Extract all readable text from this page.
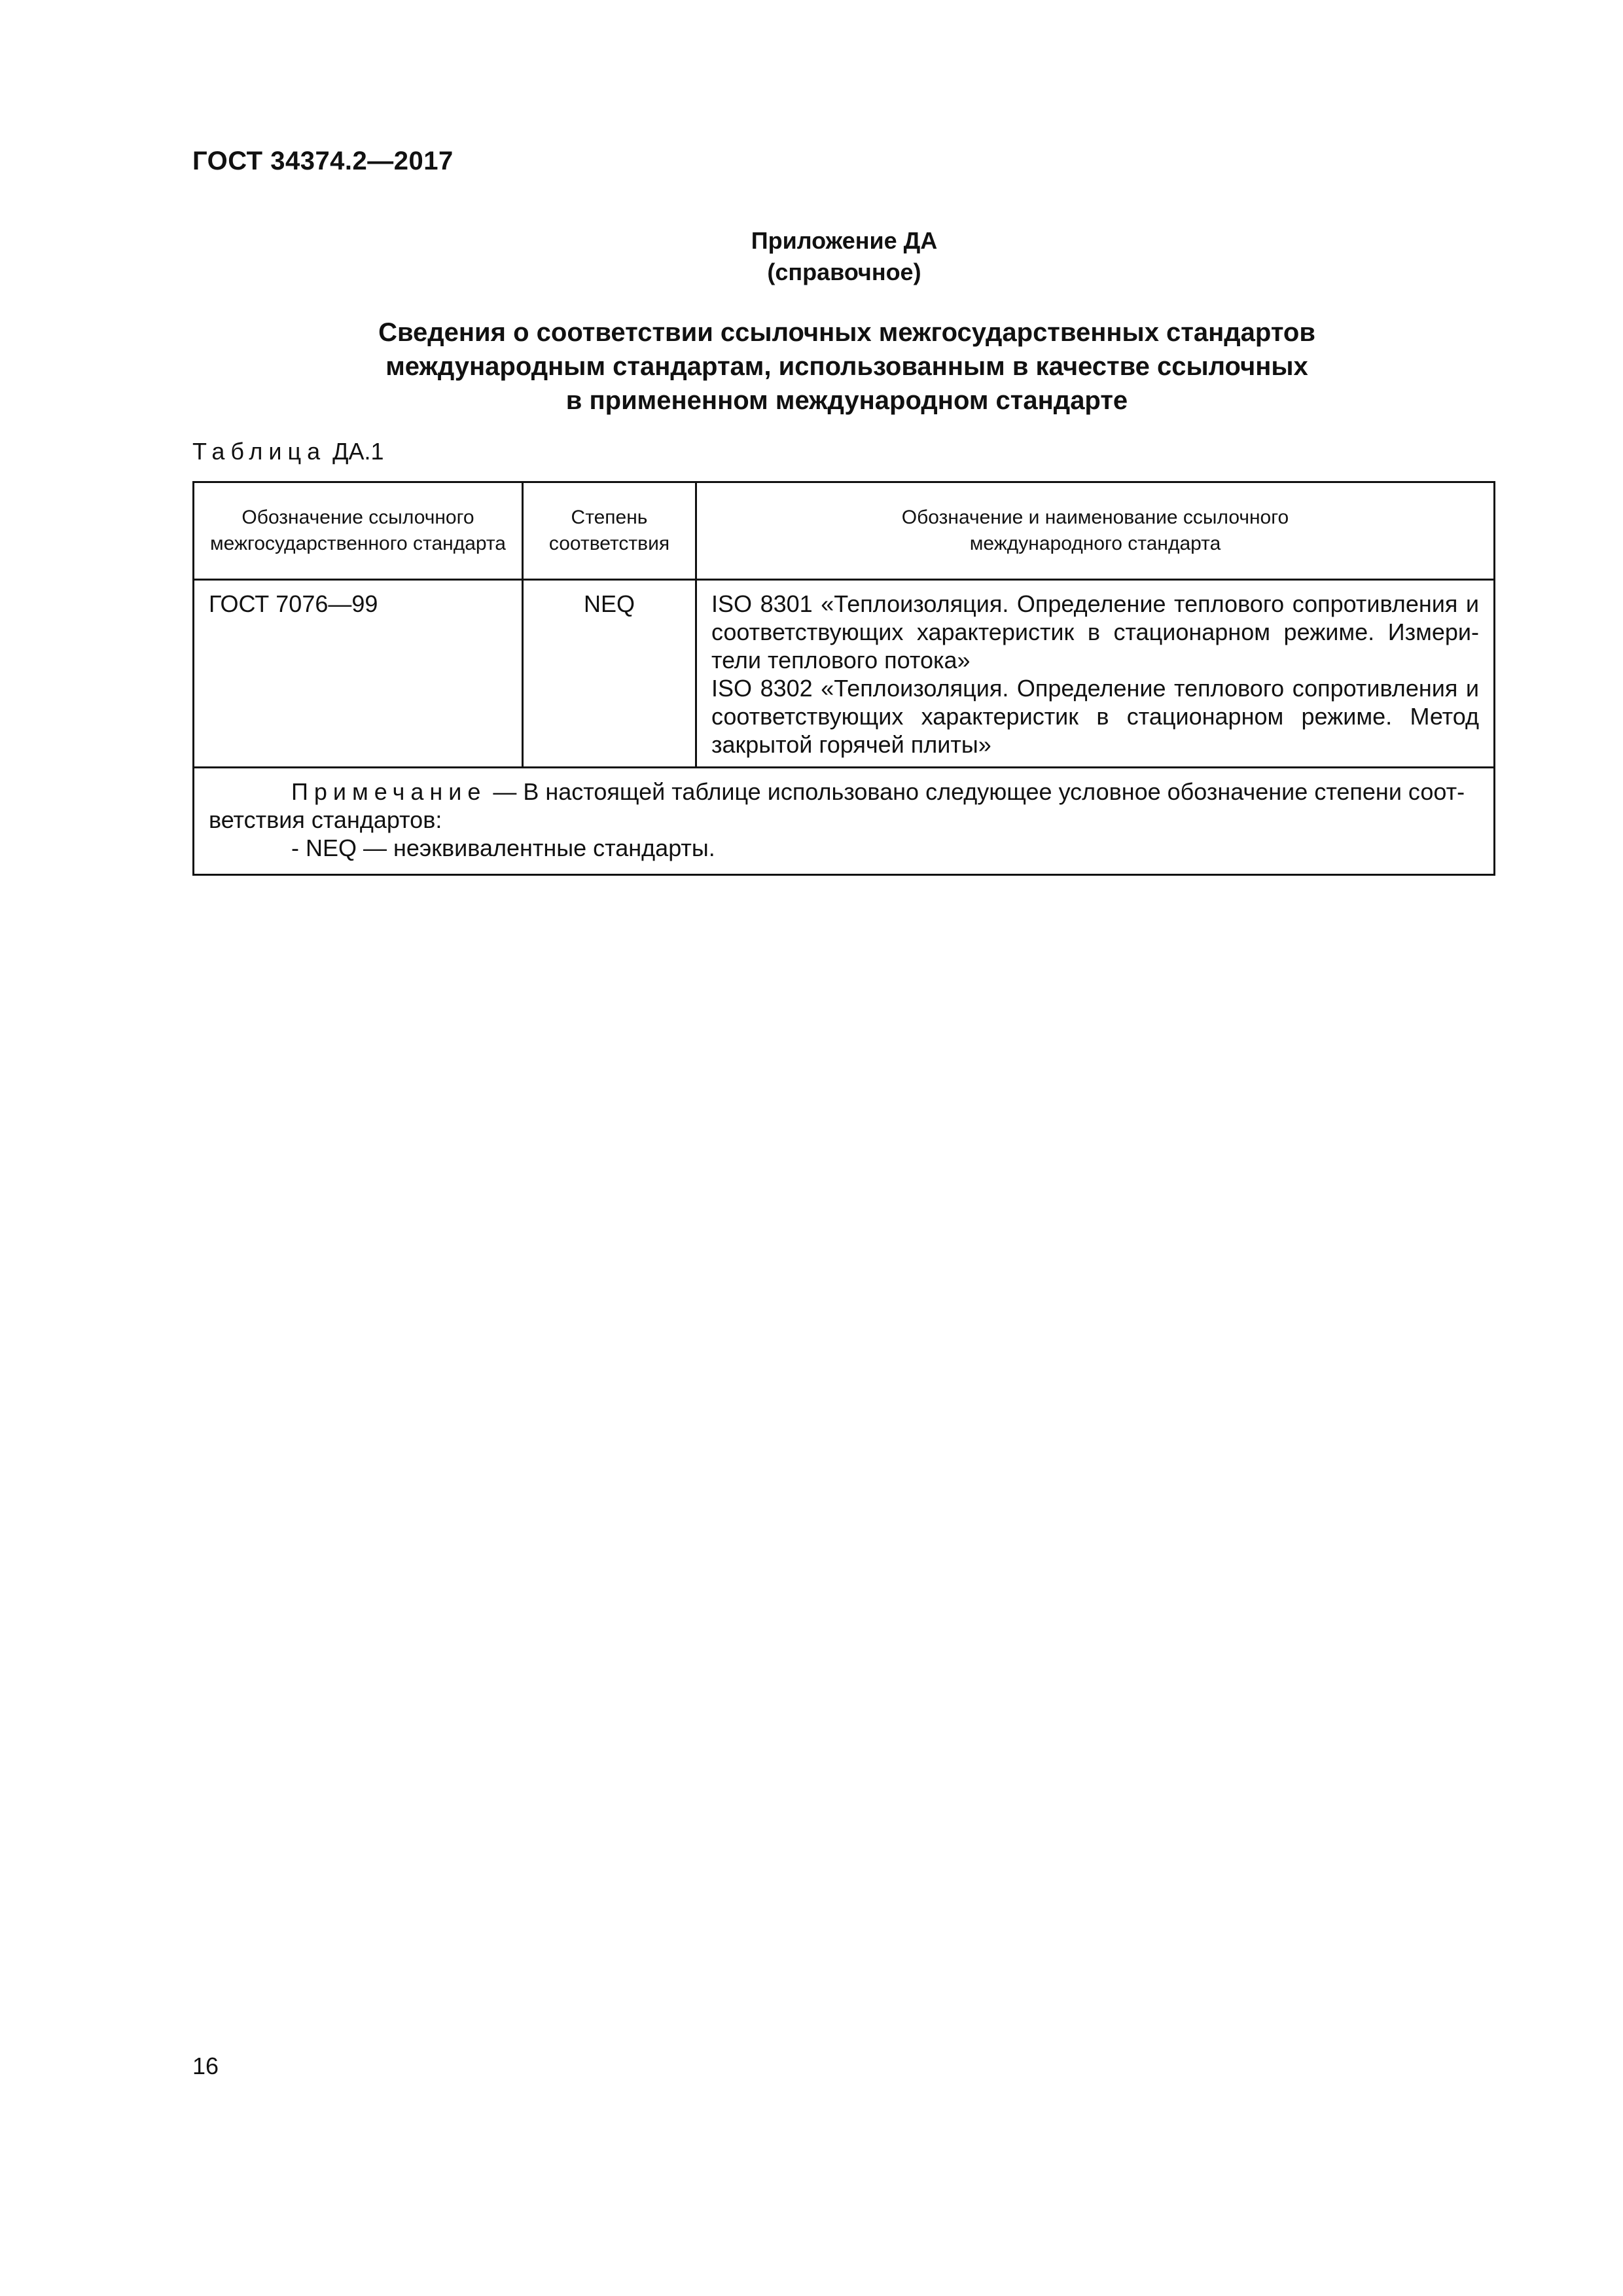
ГОСТ 34374.2—2017
Приложение ДА
(справочное)
Сведения о соответствии ссылочных межгосударственных стандартов
международным стандартам, использованным в качестве ссылочных
в примененном международном стандарте
Таблица ДА.1
Обозначение ссылочного межгосударственного стандарта	Степень соответствия	Обозначение и наименование ссылочного международного стандарта

ГОСТ 7076—99	NEQ	ISO 8301 «Теплоизоляция. Определение теплового сопротивления и соответствующих характеристик в стационарном режиме. Измери-тели теплового потока»
ISO 8302 «Теплоизоляция. Определение теплового сопротивления и соответствующих характеристик в стационарном режиме. Метод закрытой горячей плиты»

Примечание — В настоящей таблице использовано следующее условное обозначение степени соот-ветствия стандартов:
- NEQ — неэквивалентные стандарты.		
16
